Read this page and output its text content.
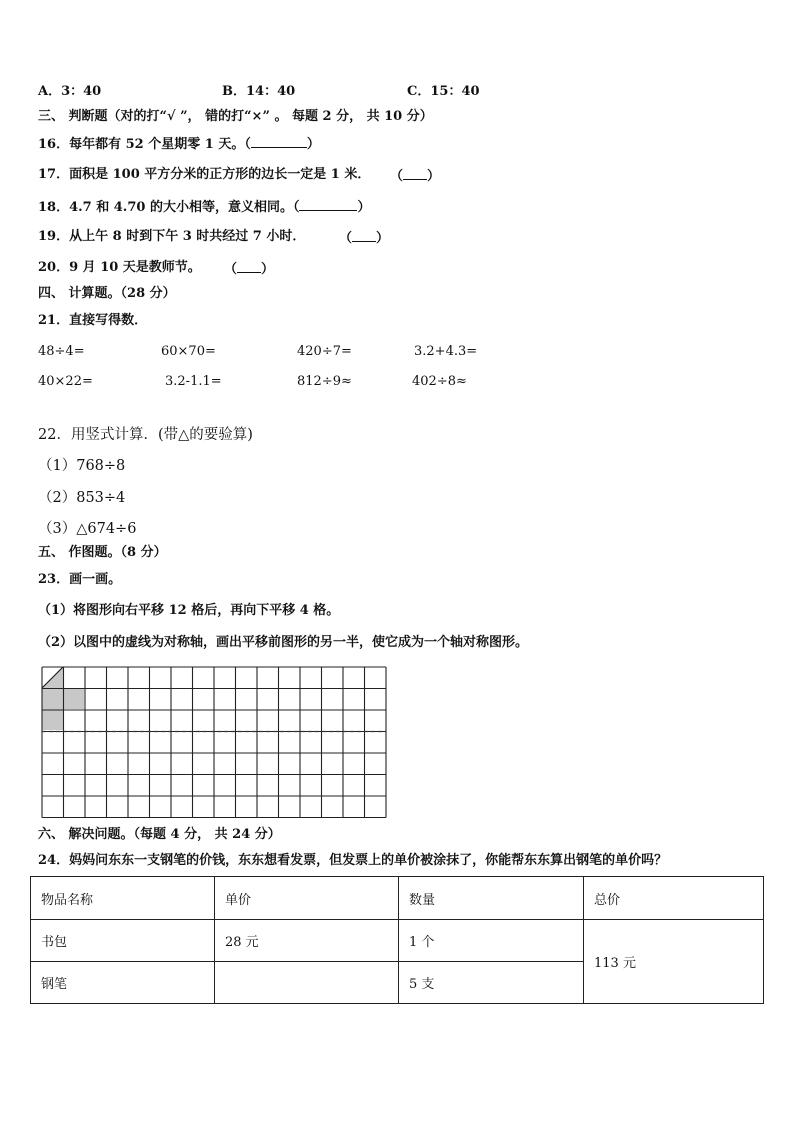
A．3：40	B．14：40	C．15：40
三、 判断题（对的打“√ ”， 错的打“×” 。 每题 2 分， 共 10 分）
16．每年都有 52 个星期零 1 天。（	）
17．面积是 100 平方分米的正方形的边长一定是 1 米． （ ）
18．4.7 和 4.70 的大小相等，意义相同。（	）
19．从上午 8 时到下午 3 时共经过 7 小时．	（ ）
20．9 月 10 天是教师节。 （ ）
四、 计算题。（28 分）
21．直接写得数．
48÷4=	60×70=	420÷7=	3.2+4.3=
40×22=	3.2-1.1=	812÷9≈	402÷8≈
22．用竖式计算．(带△的要验算)
（1）768÷8
（2）853÷4
（3）△674÷6
五、 作图题。（8 分）
23．画一画。
（1）将图形向右平移 12 格后，再向下平移 4 格。
（2）以图中的虚线为对称轴，画出平移前图形的另一半，使它成为一个轴对称图形。
六、 解决问题。（每题 4 分， 共 24 分）
24．妈妈问东东一支钢笔的价钱，东东想看发票，但发票上的单价被涂抹了，你能帮东东算出钢笔的单价吗？
物品名称	单价	数量	总价
书包	28 元	1 个	113 元
钢笔		5 支	
